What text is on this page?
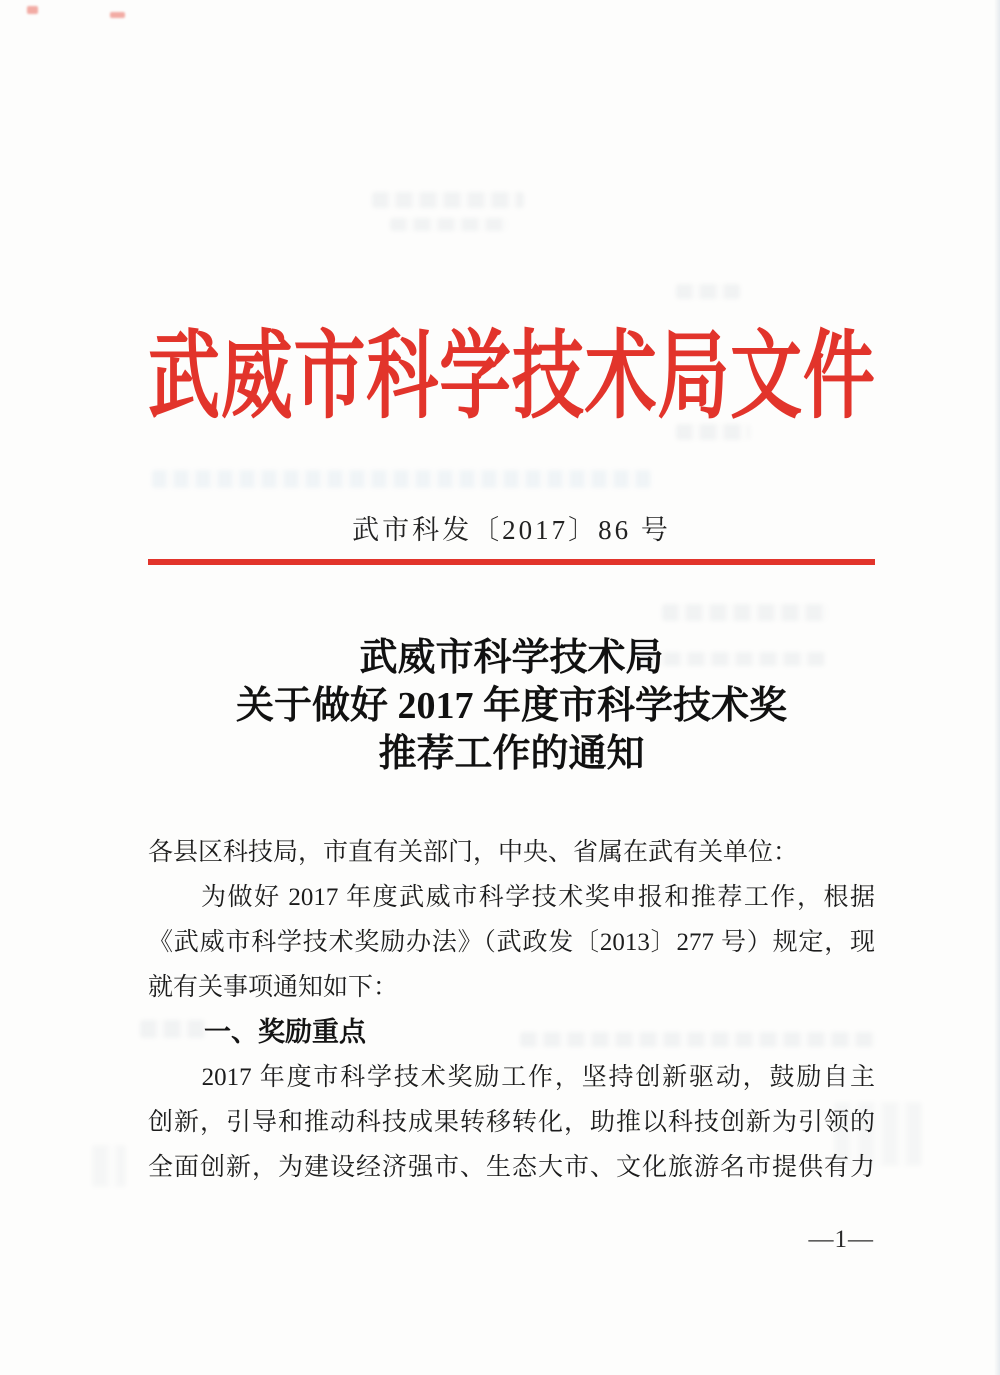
武 威 市 科 学 技 术 局 文 件
武市科发〔2017〕86 号
武威市科学技术局
关于做好 2017 年度市科学技术奖
推荐工作的通知
各县区科技局，市直有关部门，中央、省属在武有关单位：
　　为做好 2017 年度武威市科学技术奖申报和推荐工作，根据
《武威市科学技术奖励办法》（武政发〔2013〕277 号）规定，现
就有关事项通知如下：
一、奖励重点
　　2017 年度市科学技术奖励工作，坚持创新驱动，鼓励自主
创新，引导和推动科技成果转移转化，助推以科技创新为引领的
全面创新，为建设经济强市、生态大市、文化旅游名市提供有力
—1—
